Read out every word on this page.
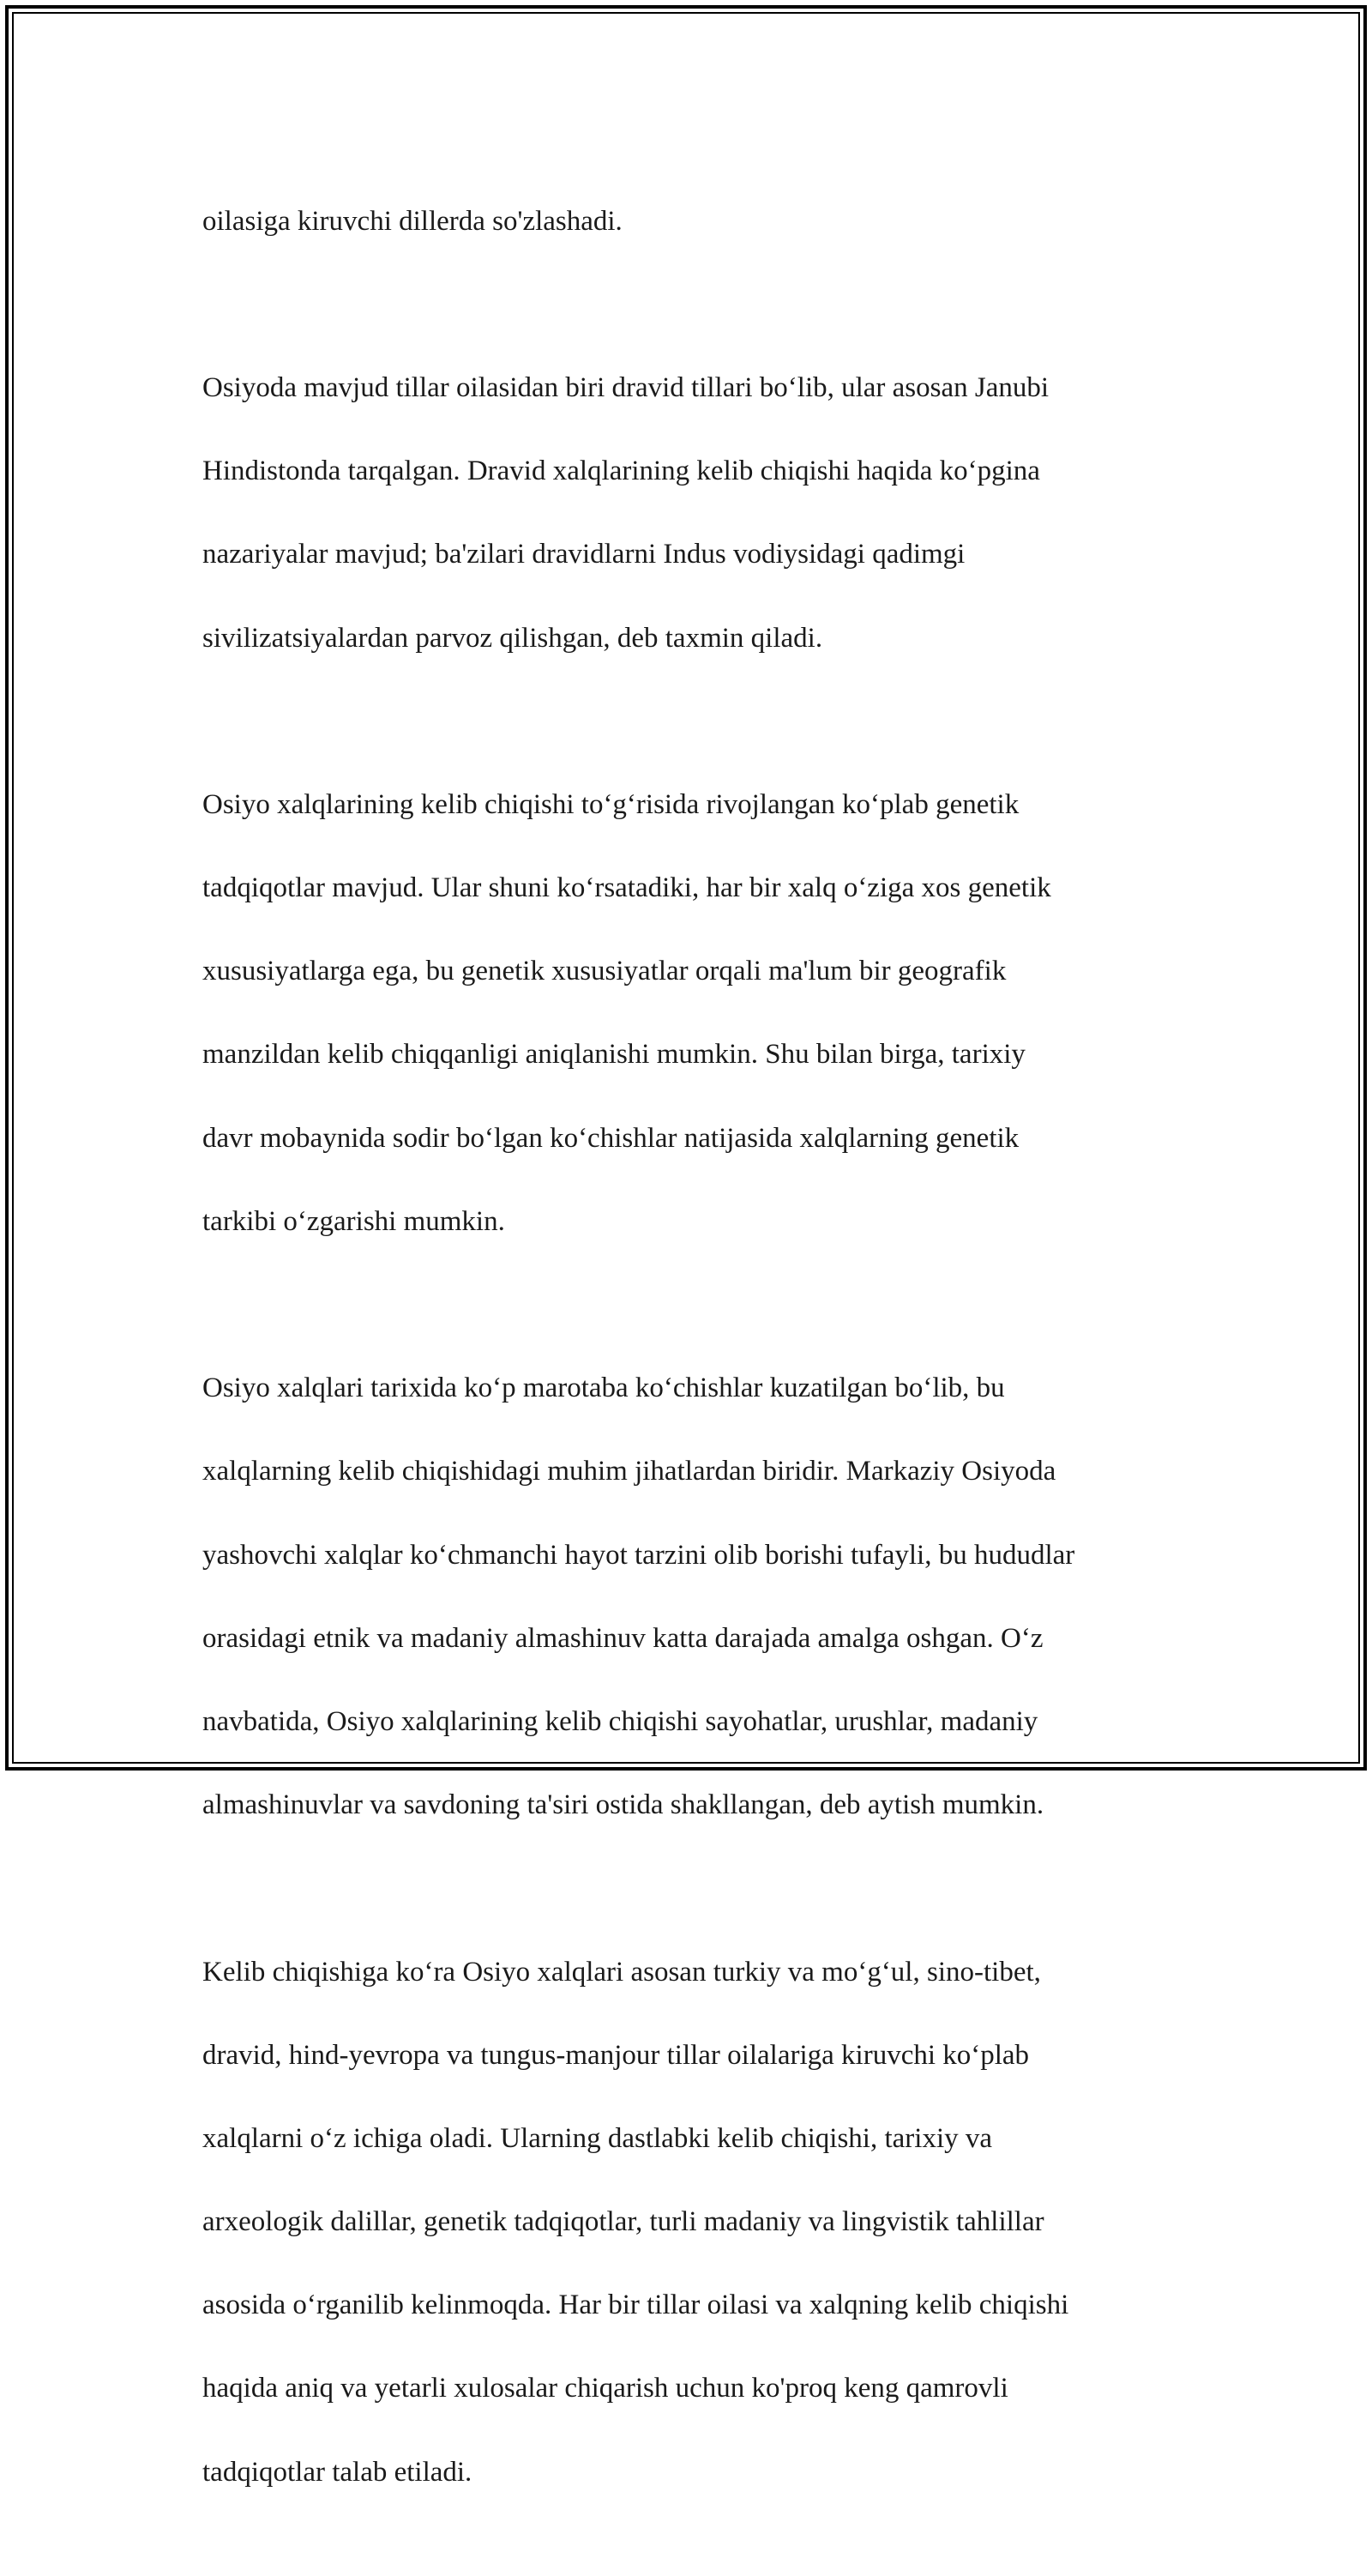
oilasiga kiruvchi dillerda so'zlashadi.

Osiyoda mavjud tillar oilasidan biri dravid tillari bo‘lib, ular asosan Janubi

Hindistonda tarqalgan. Dravid xalqlarining kelib chiqishi haqida ko‘pgina

nazariyalar mavjud; ba'zilari dravidlarni Indus vodiysidagi qadimgi

sivilizatsiyalardan parvoz qilishgan, deb taxmin qiladi.

Osiyo xalqlarining kelib chiqishi to‘g‘risida rivojlangan ko‘plab genetik

tadqiqotlar mavjud. Ular shuni ko‘rsatadiki, har bir xalq o‘ziga xos genetik

xususiyatlarga ega, bu genetik xususiyatlar orqali ma'lum bir geografik

manzildan kelib chiqqanligi aniqlanishi mumkin. Shu bilan birga, tarixiy

davr mobaynida sodir bo‘lgan ko‘chishlar natijasida xalqlarning genetik

tarkibi o‘zgarishi mumkin.

Osiyo xalqlari tarixida ko‘p marotaba ko‘chishlar kuzatilgan bo‘lib, bu

xalqlarning kelib chiqishidagi muhim jihatlardan biridir. Markaziy Osiyoda

yashovchi xalqlar ko‘chmanchi hayot tarzini olib borishi tufayli, bu hududlar

orasidagi etnik va madaniy almashinuv katta darajada amalga oshgan. O‘z

navbatida, Osiyo xalqlarining kelib chiqishi sayohatlar, urushlar, madaniy

almashinuvlar va savdoning ta'siri ostida shakllangan, deb aytish mumkin.

Kelib chiqishiga ko‘ra Osiyo xalqlari asosan turkiy va mo‘g‘ul, sino-tibet,

dravid, hind-yevropa va tungus-manjour tillar oilalariga kiruvchi ko‘plab

xalqlarni o‘z ichiga oladi. Ularning dastlabki kelib chiqishi, tarixiy va

arxeologik dalillar, genetik tadqiqotlar, turli madaniy va lingvistik tahlillar

asosida o‘rganilib kelinmoqda. Har bir tillar oilasi va xalqning kelib chiqishi

haqida aniq va yetarli xulosalar chiqarish uchun ko'proq keng qamrovli

tadqiqotlar talab etiladi.
